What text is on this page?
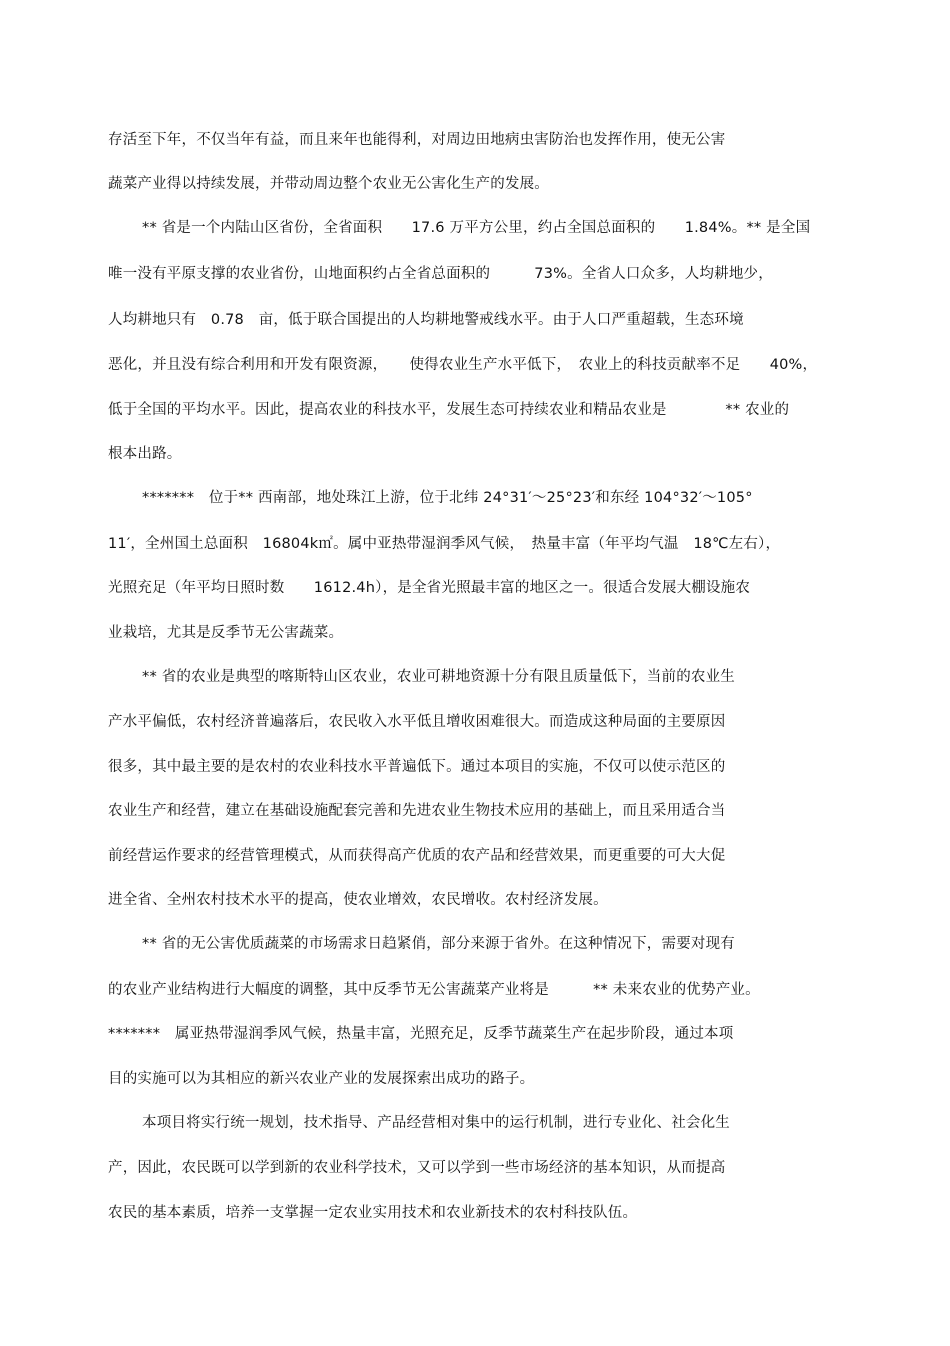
存活至下年，不仅当年有益，而且来年也能得利，对周边田地病虫害防治也发挥作用，使无公害
蔬菜产业得以持续发展，并带动周边整个农业无公害化生产的发展。
** 省是一个内陆山区省份，全省面积　　17.6 万平方公里，约占全国总面积的　　1.84%。** 是全国
唯一没有平原支撑的农业省份，山地面积约占全省总面积的　　　73%。全省人口众多，人均耕地少，
人均耕地只有　0.78　亩，低于联合国提出的人均耕地警戒线水平。由于人口严重超载，生态环境
恶化，并且没有综合利用和开发有限资源，　　使得农业生产水平低下，　农业上的科技贡献率不足　　40%，
低于全国的平均水平。因此，提高农业的科技水平，发展生态可持续农业和精品农业是　　　　** 农业的
根本出路。
*******　位于** 西南部，地处珠江上游，位于北纬 24°31′～25°23′和东经 104°32′～105°
11′，全州国土总面积　16804k㎡。属中亚热带湿润季风气候，　热量丰富（年平均气温　18℃左右），
光照充足（年平均日照时数　　1612.4h），是全省光照最丰富的地区之一。很适合发展大棚设施农
业栽培，尤其是反季节无公害蔬菜。
** 省的农业是典型的喀斯特山区农业，农业可耕地资源十分有限且质量低下，当前的农业生
产水平偏低，农村经济普遍落后，农民收入水平低且增收困难很大。而造成这种局面的主要原因
很多，其中最主要的是农村的农业科技水平普遍低下。通过本项目的实施，不仅可以使示范区的
农业生产和经营，建立在基础设施配套完善和先进农业生物技术应用的基础上，而且采用适合当
前经营运作要求的经营管理模式，从而获得高产优质的农产品和经营效果，而更重要的可大大促
进全省、全州农村技术水平的提高，使农业增效，农民增收。农村经济发展。
** 省的无公害优质蔬菜的市场需求日趋紧俏，部分来源于省外。在这种情况下，需要对现有
的农业产业结构进行大幅度的调整，其中反季节无公害蔬菜产业将是　　　** 未来农业的优势产业。
*******　属亚热带湿润季风气候，热量丰富，光照充足，反季节蔬菜生产在起步阶段，通过本项
目的实施可以为其相应的新兴农业产业的发展探索出成功的路子。
本项目将实行统一规划，技术指导、产品经营相对集中的运行机制，进行专业化、社会化生
产，因此，农民既可以学到新的农业科学技术，又可以学到一些市场经济的基本知识，从而提高
农民的基本素质，培养一支掌握一定农业实用技术和农业新技术的农村科技队伍。
